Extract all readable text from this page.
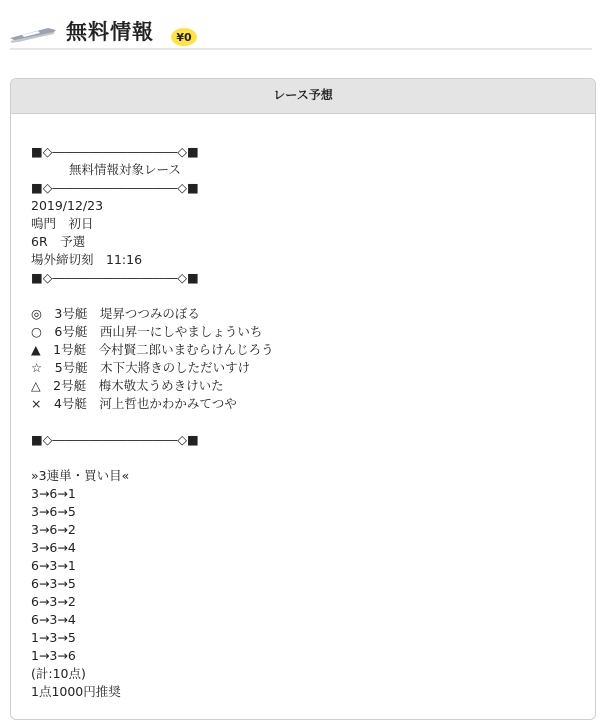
無料情報 ¥0
レース予想
■◇――――――――――◇■
無料情報対象レース
■◇――――――――――◇■
2019/12/23
鳴門　初日
6R　予選
場外締切刻　11:16
■◇――――――――――◇■
◎　3号艇　堤昇つつみのぼる
○　6号艇　西山昇一にしやましょういち
▲　1号艇　今村賢二郎いまむらけんじろう
☆　5号艇　木下大將きのしただいすけ
△　2号艇　梅木敬太うめきけいた
×　4号艇　河上哲也かわかみてつや
■◇――――――――――◇■
»3連単・買い目«
3→6→1
3→6→5
3→6→2
3→6→4
6→3→1
6→3→5
6→3→2
6→3→4
1→3→5
1→3→6
(計:10点)
1点1000円推奨
